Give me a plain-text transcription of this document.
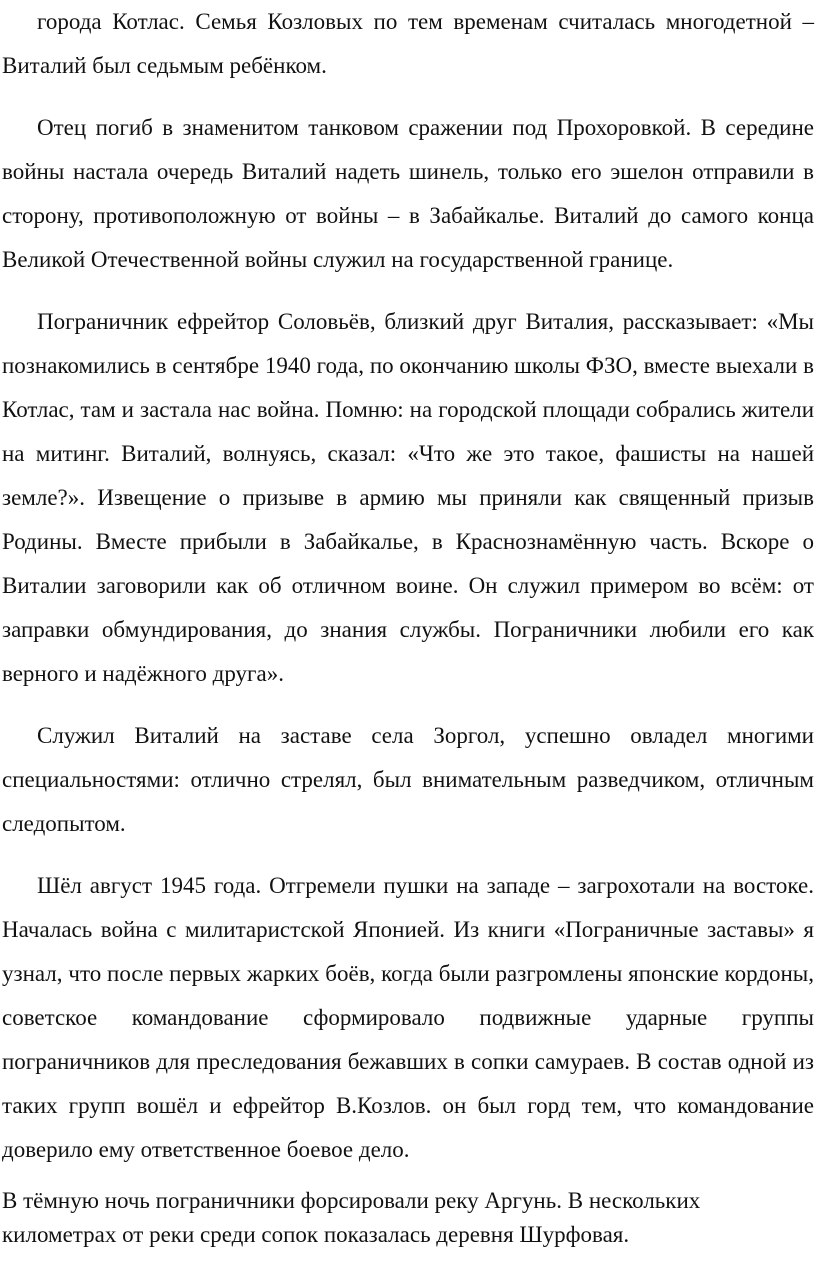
города Котлас. Семья Козловых по тем временам считалась многодетной – Виталий был седьмым ребёнком.

Отец погиб в знаменитом танковом сражении под Прохоровкой. В середине войны настала очередь Виталий надеть шинель, только его эшелон отправили в сторону, противоположную от войны – в Забайкалье. Виталий до самого конца Великой Отечественной войны служил на государственной границе.

Пограничник ефрейтор Соловьёв, близкий друг Виталия, рассказывает: «Мы познакомились в сентябре 1940 года, по окончанию школы ФЗО, вместе выехали в Котлас, там и застала нас война. Помню: на городской площади собрались жители на митинг. Виталий, волнуясь, сказал: «Что же это такое, фашисты на нашей земле?». Извещение о призыве в армию мы приняли как священный призыв Родины. Вместе прибыли в Забайкалье, в Краснознамённую часть. Вскоре о Виталии заговорили как об отличном воине. Он служил примером во всём: от заправки обмундирования, до знания службы. Пограничники любили его как верного и надёжного друга».

Служил Виталий на заставе села Зоргол, успешно овладел многими специальностями: отлично стрелял, был внимательным разведчиком, отличным следопытом.

Шёл август 1945 года. Отгремели пушки на западе – загрохотали на востоке. Началась война с милитаристской Японией. Из книги «Пограничные заставы» я узнал, что после первых жарких боёв, когда были разгромлены японские кордоны, советское командование сформировало подвижные ударные группы пограничников для преследования бежавших в сопки самураев. В состав одной из таких групп вошёл и ефрейтор В.Козлов. он был горд тем, что командование доверило ему ответственное боевое дело.

В тёмную ночь пограничники форсировали реку Аргунь. В нескольких километрах от реки среди сопок показалась деревня Шурфовая.
